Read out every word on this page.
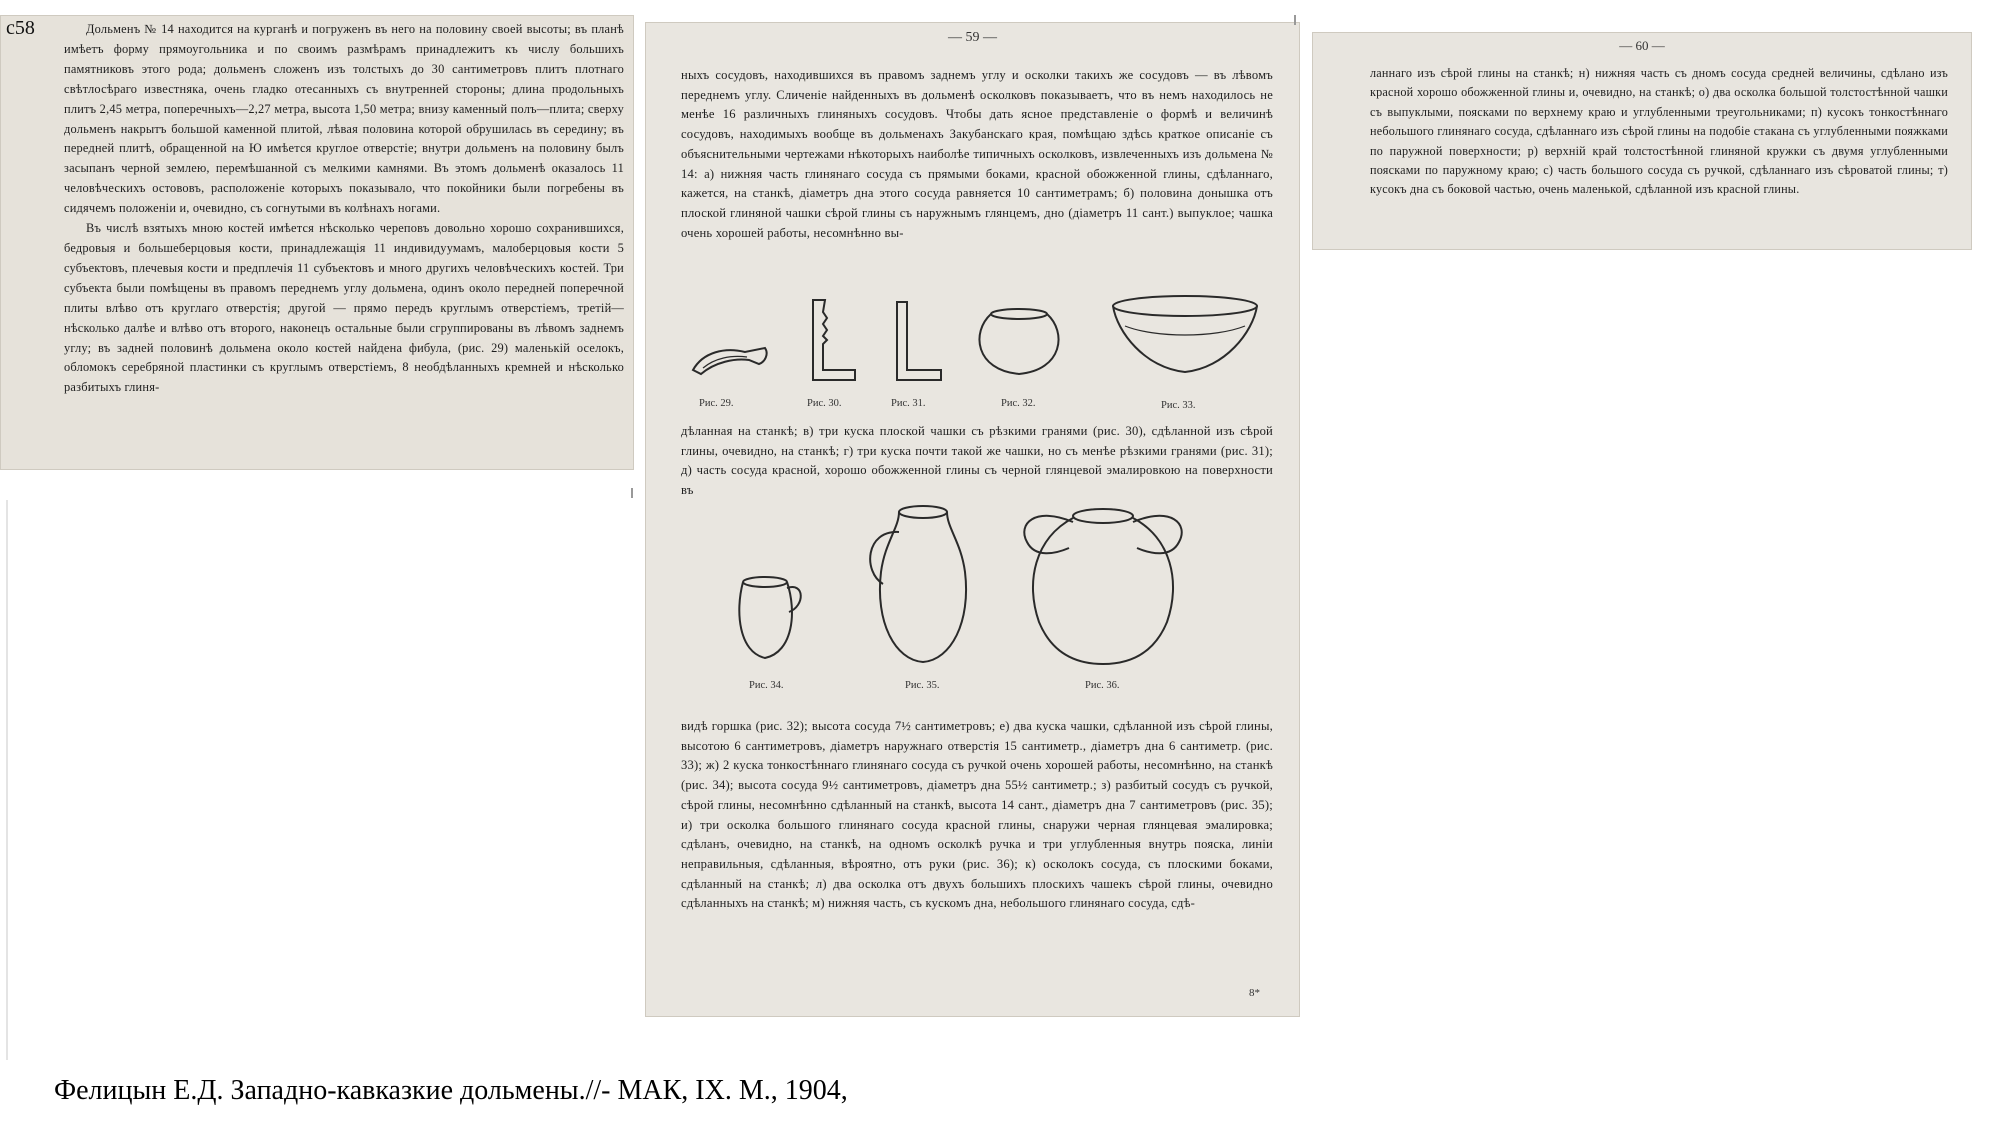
c58	Дольменъ № 14 находится на курганѣ и погруженъ въ него на половину своей высоты; въ планѣ имѣетъ форму прямоугольника и по своимъ размѣрамъ принадлежитъ къ числу большихъ памятниковъ этого рода; дольменъ сложенъ изъ толстыхъ до 30 сантиметровъ плитъ плотнаго свѣтлосѣраго известняка, очень гладко отесанныхъ съ внутренней стороны; длина продольныхъ плитъ 2,45 метра, поперечныхъ—2,27 метра, высота 1,50 метра; внизу каменный полъ—плита; сверху дольменъ накрытъ большой каменной плитой, лѣвая половина которой обрушилась въ середину; въ передней плитѣ, обращенной на Ю имѣется круглое отверстіе; внутри дольменъ на половину былъ засыпанъ черной землею, перемѣшанной съ мелкими камнями. Въ этомъ дольменѣ оказалось 11 человѣческихъ остововъ, расположеніе которыхъ показывало, что покойники были погребены въ сидячемъ положеніи и, очевидно, съ согнутыми въ колѣнахъ ногами.

Въ числѣ взятыхъ мною костей имѣется нѣсколько череповъ довольно хорошо сохранившихся, бедровыя и большеберцовыя кости, принадлежащія 11 индивидуумамъ, малоберцовыя кости 5 субъектовъ, плечевыя кости и предплечія 11 субъектовъ и много другихъ человѣческихъ костей. Три субъекта были помѣщены въ правомъ переднемъ углу дольмена, одинъ около передней поперечной плиты влѣво отъ круглаго отверстія; другой — прямо передъ круглымъ отверстіемъ, третій—нѣсколько далѣе и влѣво отъ второго, наконецъ остальные были сгруппированы въ лѣвомъ заднемъ углу; въ задней половинѣ дольмена около костей найдена фибула, (рис. 29) маленькій оселокъ, обломокъ серебряной пластинки съ круглымъ отверстіемъ, 8 необдѣланныхъ кремней и нѣсколько разбитыхъ глиня-

— 59 —

ныхъ сосудовъ, находившихся въ правомъ заднемъ углу и осколки такихъ же сосудовъ — въ лѣвомъ переднемъ углу. Сличеніе найденныхъ въ дольменѣ осколковъ показываетъ, что въ немъ находилось не менѣе 16 различныхъ глиняныхъ сосудовъ. Чтобы дать ясное представленіе о формѣ и величинѣ сосудовъ, находимыхъ вообще въ дольменахъ Закубанскаго края, помѣщаю здѣсь краткое описаніе съ объяснительными чертежами нѣкоторыхъ наиболѣе типичныхъ осколковъ, извлеченныхъ изъ дольмена № 14: а) нижняя часть глинянаго сосуда съ прямыми боками, красной обожженной глины, сдѣланнаго, кажется, на станкѣ, діаметръ дна этого сосуда равняется 10 сантиметрамъ; б) половина донышка отъ плоской глиняной чашки сѣрой глины съ наружнымъ глянцемъ, дно (діаметръ 11 сант.) выпуклое; чашка очень хорошей работы, несомнѣнно вы-

Рис. 29.	Рис. 30.	Рис. 31.	Рис. 32.	Рис. 33.

дѣланная на станкѣ; в) три куска плоской чашки съ рѣзкими гранями (рис. 30), сдѣланной изъ сѣрой глины, очевидно, на станкѣ; г) три куска почти такой же чашки, но съ менѣе рѣзкими гранями (рис. 31); д) часть сосуда красной, хорошо обожженной глины съ черной глянцевой эмалировкою на поверхности въ

Рис. 34.	Рис. 35.	Рис. 36.

видѣ горшка (рис. 32); высота сосуда 7½ сантиметровъ; е) два куска чашки, сдѣланной изъ сѣрой глины, высотою 6 сантиметровъ, діаметръ наружнаго отверстія 15 сантиметр., діаметръ дна 6 сантиметр. (рис. 33); ж) 2 куска тонкостѣннаго глинянаго сосуда съ ручкой очень хорошей работы, несомнѣнно, на станкѣ (рис. 34); высота сосуда 9½ сантиметровъ, діаметръ дна 55½ сантиметр.; з) разбитый сосудъ съ ручкой, сѣрой глины, несомнѣнно сдѣланный на станкѣ, высота 14 сант., діаметръ дна 7 сантиметровъ (рис. 35); и) три осколка большого глинянаго сосуда красной глины, снаружи черная глянцевая эмалировка; сдѣланъ, очевидно, на станкѣ, на одномъ осколкѣ ручка и три углубленныя внутрь пояска, линіи неправильныя, сдѣланныя, вѣроятно, отъ руки (рис. 36); к) осколокъ сосуда, съ плоскими боками, сдѣланный на станкѣ; л) два осколка отъ двухъ большихъ плоскихъ чашекъ сѣрой глины, очевидно сдѣланныхъ на станкѣ; м) нижняя часть, съ кускомъ дна, небольшого глинянаго сосуда, сдѣ-

8*
— 60 —

ланнаго изъ сѣрой глины на станкѣ; н) нижняя часть съ дномъ сосуда средней величины, сдѣлано изъ красной хорошо обожженной глины и, очевидно, на станкѣ; о) два осколка большой толстостѣнной чашки съ выпуклыми, поясками по верхнему краю и углубленными треугольниками; п) кусокъ тонкостѣннаго небольшого глинянаго сосуда, сдѣланнаго изъ сѣрой глины на подобіе стакана съ углубленными пояжками по паружной поверхности; р) верхній край толстостѣнной глиняной кружки съ двумя углубленными поясками по паружному краю; с) часть большого сосуда съ ручкой, сдѣланнаго изъ сѣроватой глины; т) кусокъ дна съ боковой частью, очень маленькой, сдѣланной изъ красной глины.

Фелицын Е.Д. Западно-кавказкие дольмены.//- МАК, IX. М., 1904,
